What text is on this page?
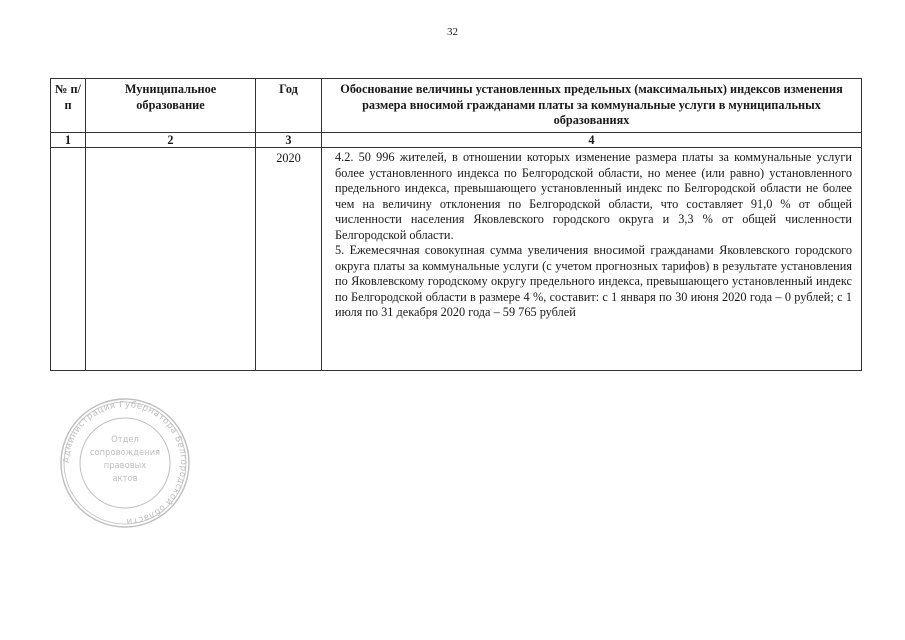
32
№ п/п	Муниципальное образование	Год	Обоснование величины установленных предельных (максимальных) индексов изменения размера вносимой гражданами платы за коммунальные услуги в муниципальных образованиях
1	2	3	4
		2020	4.2. 50 996 жителей, в отношении которых изменение размера платы за коммунальные услуги более установленного индекса по Белгородской области, но менее (или равно) установленного предельного индекса, превышающего установленный индекс по Белгородской области не более чем на величину отклонения по Белгородской области, что составляет 91,0 % от общей численности населения Яковлевского городского округа и 3,3 % от общей численности Белгородской области.

5. Ежемесячная совокупная сумма увеличения вносимой гражданами Яковлевского городского округа платы за коммунальные услуги (с учетом прогнозных тарифов) в результате установления по Яковлевскому городскому округу предельного индекса, превышающего установленный индекс по Белгородской области в размере 4 %, составит: с 1 января по 30 июня 2020 года – 0 рублей; с 1 июля по 31 декабря 2020 года – 59 765 рублей

Администрация Губернатора Белгородской области
Отдел
сопровождения
правовых
актов
